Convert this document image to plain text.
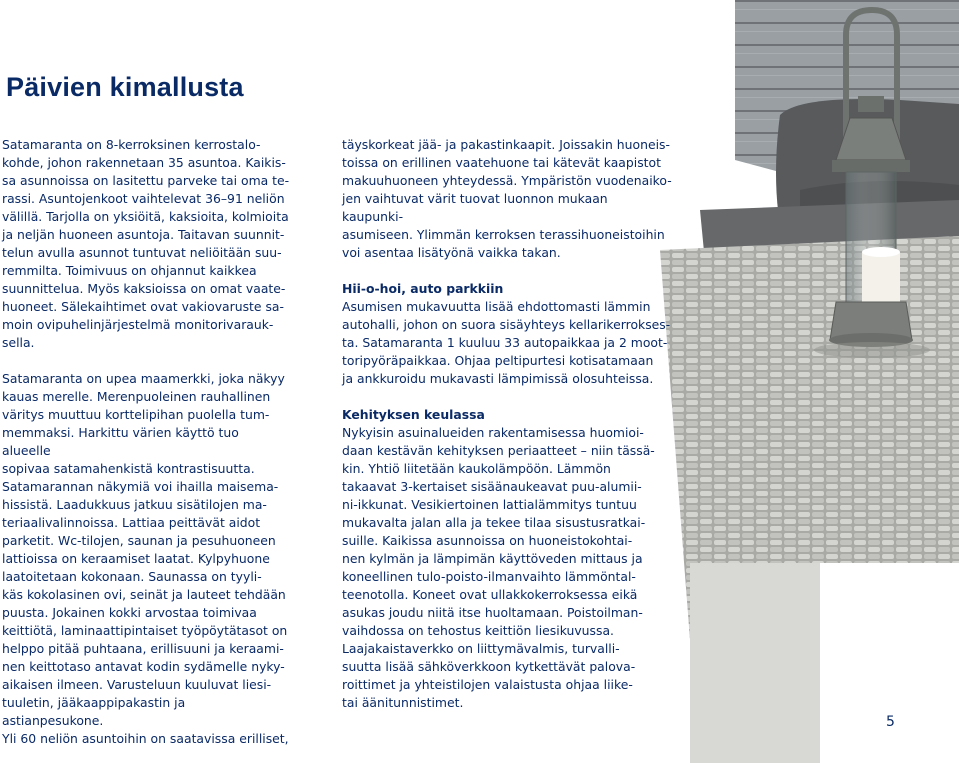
Päivien kimallusta

Satamaranta on 8-kerroksinen kerrostalo-
kohde, johon rakennetaan 35 asuntoa. Kaikis-
sa asunnoissa on lasitettu parveke tai oma te-
rassi. Asuntojenkoot vaihtelevat 36–91 neliön
välillä. Tarjolla on yksiöitä, kaksioita, kolmioita
ja neljän huoneen asuntoja. Taitavan suunnit-
telun avulla asunnot tuntuvat neliöitään suu-
remmilta. Toimivuus on ohjannut kaikkea
suunnittelua. Myös kaksioissa on omat vaate-
huoneet. Sälekaihtimet ovat vakiovaruste sa-
moin ovipuhelinjärjestelmä monitorivarauk-
sella.

Satamaranta on upea maamerkki, joka näkyy
kauas merelle. Merenpuoleinen rauhallinen
väritys muuttuu korttelipihan puolella tum-
memmaksi. Harkittu värien käyttö tuo alueelle
sopivaa satamahenkistä kontrastisuutta.
Satamarannan näkymiä voi ihailla maisema-
hissistä. Laadukkuus jatkuu sisätilojen ma-
teriaalivalinnoissa. Lattiaa peittävät aidot
parketit. Wc-tilojen, saunan ja pesuhuoneen
lattioissa on keraamiset laatat. Kylpyhuone
laatoitetaan kokonaan. Saunassa on tyyli-
käs kokolasinen ovi, seinät ja lauteet tehdään
puusta. Jokainen kokki arvostaa toimivaa
keittiötä, laminaattipintaiset työpöytätasot on
helppo pitää puhtaana, erillisuuni ja keraami-
nen keittotaso antavat kodin sydämelle nyky-
aikaisen ilmeen. Varusteluun kuuluvat liesi-
tuuletin, jääkaappipakastin ja astianpesukone.
Yli 60 neliön asuntoihin on saatavissa erilliset,

täyskorkeat jää- ja pakastinkaapit. Joissakin huoneis-
toissa on erillinen vaatehuone tai kätevät kaapistot
makuuhuoneen yhteydessä. Ympäristön vuodenaiko-
jen vaihtuvat värit tuovat luonnon mukaan kaupunki-
asumiseen. Ylimmän kerroksen terassihuoneistoihin
voi asentaa lisätyönä vaikka takan.

Hii-o-hoi, auto parkkiin

Asumisen mukavuutta lisää ehdottomasti lämmin
autohalli, johon on suora sisäyhteys kellarikerrokses-
ta. Satamaranta 1 kuuluu 33 autopaikkaa ja 2 moot-
toripyöräpaikkaa. Ohjaa peltipurtesi kotisatamaan
ja ankkuroidu mukavasti lämpimissä olosuhteissa.

Kehityksen keulassa

Nykyisin asuinalueiden rakentamisessa huomioi-
daan kestävän kehityksen periaatteet – niin tässä-
kin. Yhtiö liitetään kaukolämpöön. Lämmön
takaavat 3-kertaiset sisäänaukeavat puu-alumii-
ni-ikkunat. Vesikiertoinen lattialämmitys tuntuu
mukavalta jalan alla ja tekee tilaa sisustusratkai-
suille. Kaikissa asunnoissa on huoneistokohtai-
nen kylmän ja lämpimän käyttöveden mittaus ja
koneellinen tulo-poisto-ilmanvaihto lämmöntal-
teenotolla. Koneet ovat ullakkokerroksessa eikä
asukas joudu niitä itse huoltamaan. Poistoilman-
vaihdossa on tehostus keittiön liesikuvussa.
Laajakaistaverkko on liittymävalmis, turvalli-
suutta lisää sähköverkkoon kytkettävät palova-
roittimet ja yhteistilojen valaistusta ohjaa liike-
tai äänitunnistimet.

5
